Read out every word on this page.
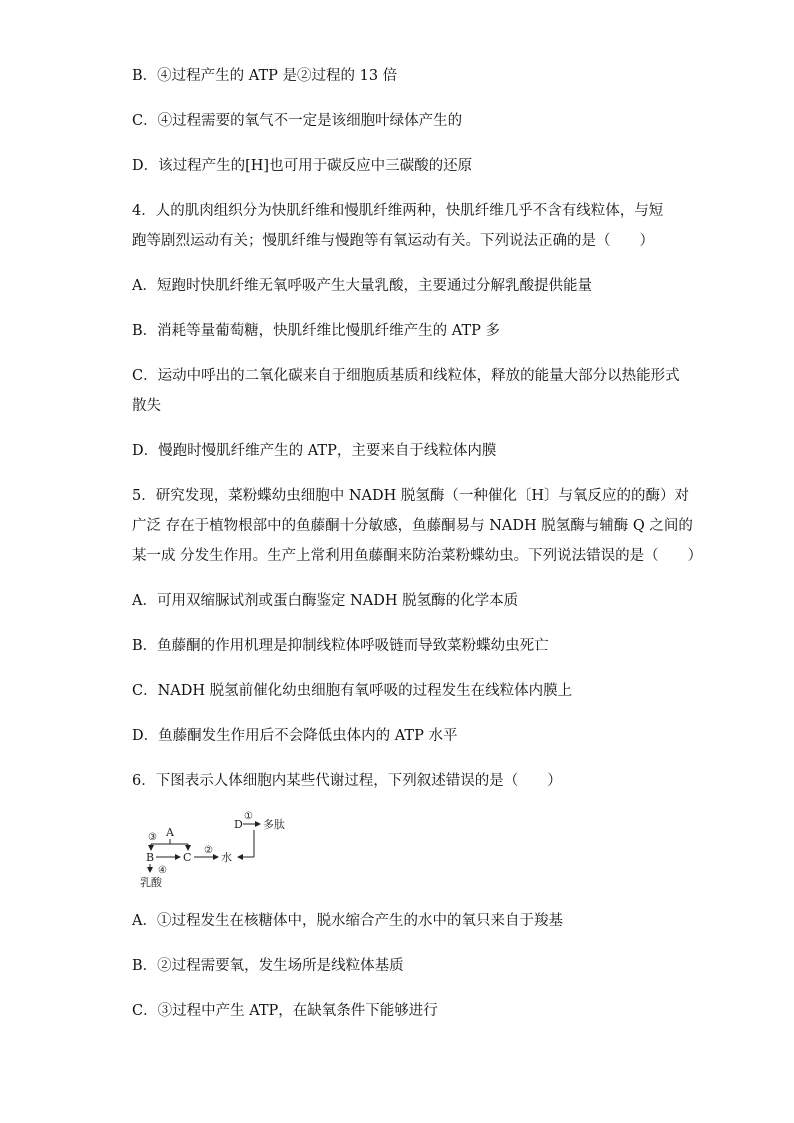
B．④过程产生的 ATP 是②过程的 13 倍
C．④过程需要的氧气不一定是该细胞叶绿体产生的
D．该过程产生的[H]也可用于碳反应中三碳酸的还原
4．人的肌肉组织分为快肌纤维和慢肌纤维两种，快肌纤维几乎不含有线粒体，与短
跑等剧烈运动有关；慢肌纤维与慢跑等有氧运动有关。下列说法正确的是（　　）
A．短跑时快肌纤维无氧呼吸产生大量乳酸，主要通过分解乳酸提供能量
B．消耗等量葡萄糖，快肌纤维比慢肌纤维产生的 ATP 多
C．运动中呼出的二氧化碳来自于细胞质基质和线粒体，释放的能量大部分以热能形式
散失
D．慢跑时慢肌纤维产生的 ATP，主要来自于线粒体内膜
5．研究发现，菜粉蝶幼虫细胞中 NADH 脱氢酶（一种催化〔H〕与氧反应的的酶）对
广泛 存在于植物根部中的鱼藤酮十分敏感，鱼藤酮易与 NADH 脱氢酶与辅酶 Q 之间的
某一成 分发生作用。生产上常利用鱼藤酮来防治菜粉蝶幼虫。下列说法错误的是（　　）
A．可用双缩脲试剂或蛋白酶鉴定 NADH 脱氢酶的化学本质
B．鱼藤酮的作用机理是抑制线粒体呼吸链而导致菜粉蝶幼虫死亡
C．NADH 脱氢前催化幼虫细胞有氧呼吸的过程发生在线粒体内膜上
D．鱼藤酮发生作用后不会降低虫体内的 ATP 水平
6．下图表示人体细胞内某些代谢过程，下列叙述错误的是（　　）
③ A
B	C
②
水
④
乳酸
D
①
多肽
A．①过程发生在核糖体中，脱水缩合产生的水中的氧只来自于羧基
B．②过程需要氧，发生场所是线粒体基质
C．③过程中产生 ATP，在缺氧条件下能够进行
